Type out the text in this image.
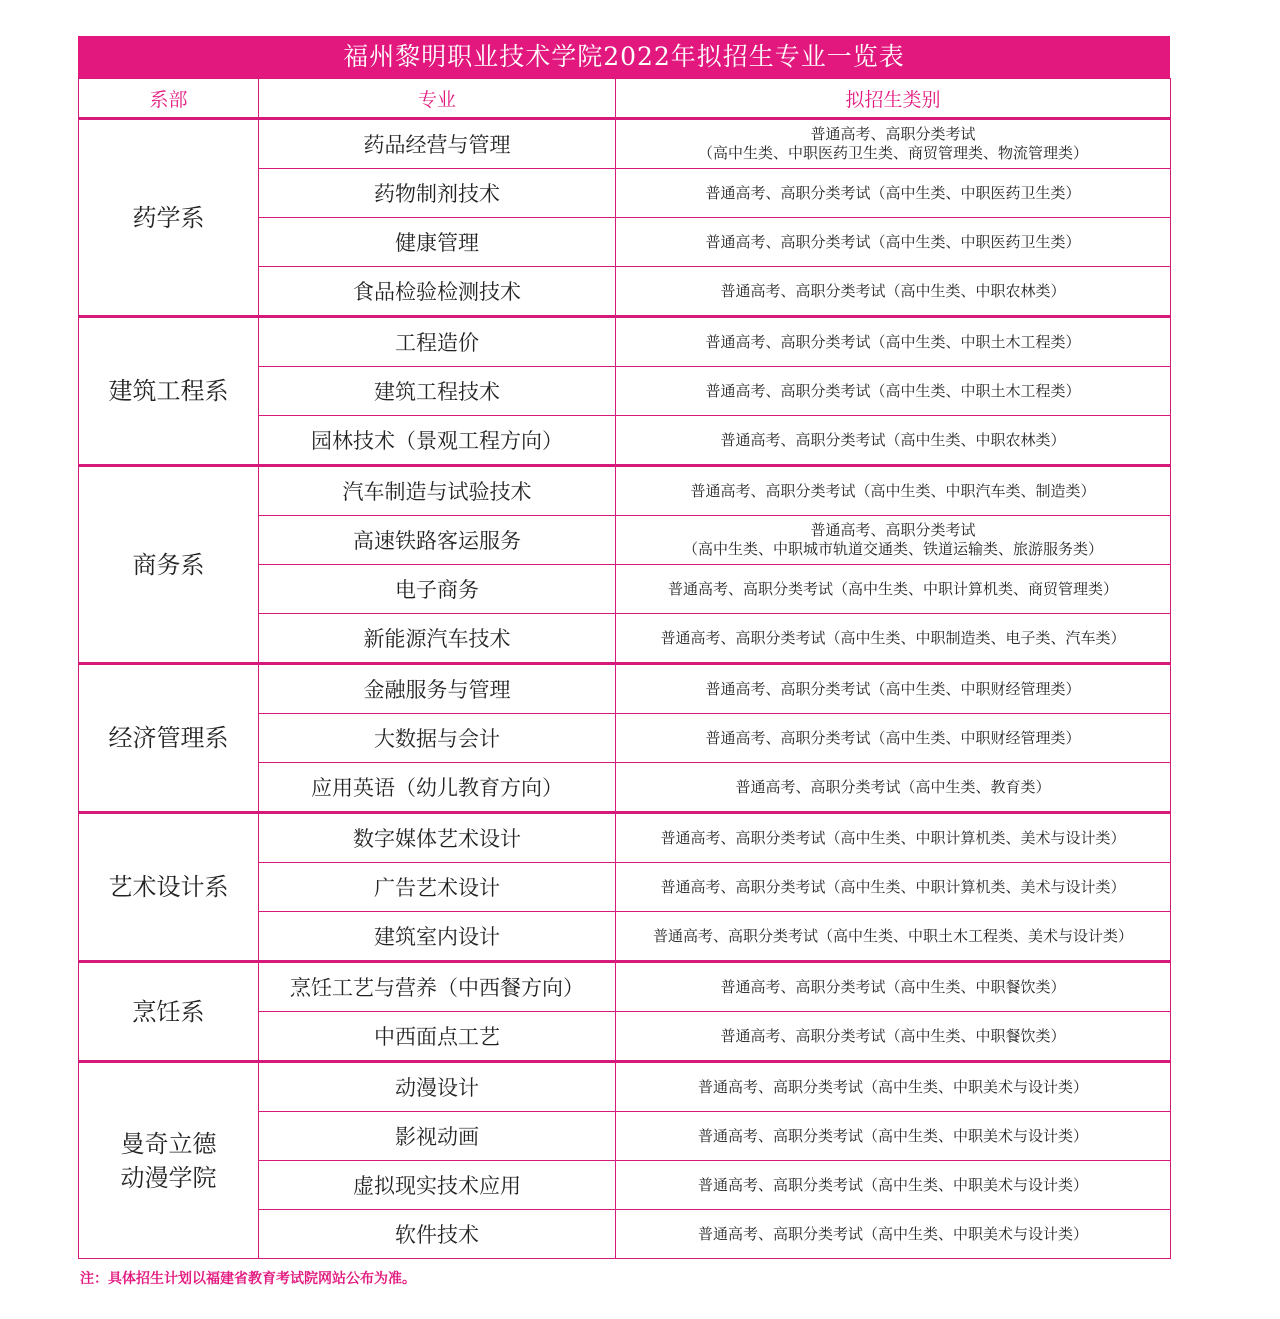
福州黎明职业技术学院2022年拟招生专业一览表
系部	专业	拟招生类别

药学系	药品经营与管理	普通高考、高职分类考试
（高中生类、中职医药卫生类、商贸管理类、物流管理类）

	药物制剂技术	普通高考、高职分类考试（高中生类、中职医药卫生类）

	健康管理	普通高考、高职分类考试（高中生类、中职医药卫生类）

	食品检验检测技术	普通高考、高职分类考试（高中生类、中职农林类）

建筑工程系	工程造价	普通高考、高职分类考试（高中生类、中职土木工程类）

	建筑工程技术	普通高考、高职分类考试（高中生类、中职土木工程类）

	园林技术（景观工程方向）	普通高考、高职分类考试（高中生类、中职农林类）

商务系	汽车制造与试验技术	普通高考、高职分类考试（高中生类、中职汽车类、制造类）

	高速铁路客运服务	普通高考、高职分类考试
（高中生类、中职城市轨道交通类、铁道运输类、旅游服务类）

	电子商务	普通高考、高职分类考试（高中生类、中职计算机类、商贸管理类）

	新能源汽车技术	普通高考、高职分类考试（高中生类、中职制造类、电子类、汽车类）

经济管理系	金融服务与管理	普通高考、高职分类考试（高中生类、中职财经管理类）

	大数据与会计	普通高考、高职分类考试（高中生类、中职财经管理类）

	应用英语（幼儿教育方向）	普通高考、高职分类考试（高中生类、教育类）

艺术设计系	数字媒体艺术设计	普通高考、高职分类考试（高中生类、中职计算机类、美术与设计类）

	广告艺术设计	普通高考、高职分类考试（高中生类、中职计算机类、美术与设计类）

	建筑室内设计	普通高考、高职分类考试（高中生类、中职土木工程类、美术与设计类）

烹饪系	烹饪工艺与营养（中西餐方向）	普通高考、高职分类考试（高中生类、中职餐饮类）

	中西面点工艺	普通高考、高职分类考试（高中生类、中职餐饮类）

曼奇立德
动漫学院	动漫设计	普通高考、高职分类考试（高中生类、中职美术与设计类）

	影视动画	普通高考、高职分类考试（高中生类、中职美术与设计类）

	虚拟现实技术应用	普通高考、高职分类考试（高中生类、中职美术与设计类）

	软件技术	普通高考、高职分类考试（高中生类、中职美术与设计类）
注：具体招生计划以福建省教育考试院网站公布为准。
